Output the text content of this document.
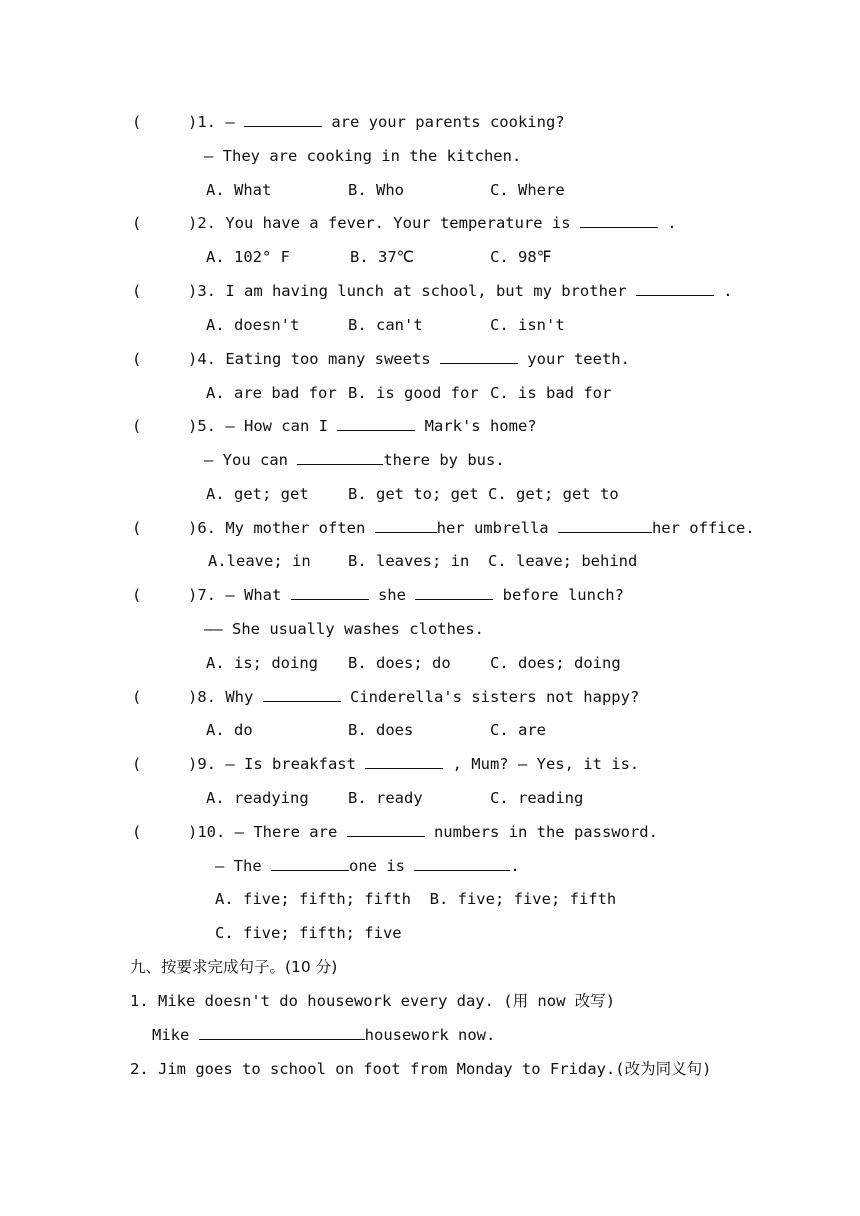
(     )1. —	are your parents cooking?
— They are cooking in the kitchen.
A. What	B. Who	C. Where
(     )2. You have a fever. Your temperature is	.
A. 102° F	B. 37℃	C. 98℉
(     )3. I am having lunch at school, but my brother	.
A. doesn't	B. can't	C. isn't
(     )4. Eating too many sweets	your teeth.
A. are bad for B. is good for C. is bad for
(     )5. — How can I	Mark's home?
— You can	there by bus.
A. get; get	B. get to; get C. get; get to
(     )6. My mother often	her umbrella	her office.
A.leave; in B. leaves; in C. leave; behind
(     )7. — What	she	before lunch?
—— She usually washes clothes.
A. is; doing B. does; do	C. does; doing
(     )8. Why	Cinderella's sisters not happy?
A. do	B. does	C. are
(     )9. — Is breakfast	, Mum? — Yes, it is.
A. readying	B. ready	C. reading
(     )10. — There are	numbers in the password.
— The	one is	.
A. five; fifth; fifth  B. five; five; fifth
C. five; fifth; five
九、按要求完成句子。(10 分)
1. Mike doesn't do housework every day. (用 now 改写)
Mike	housework now.
2. Jim goes to school on foot from Monday to Friday.(改为同义句)
